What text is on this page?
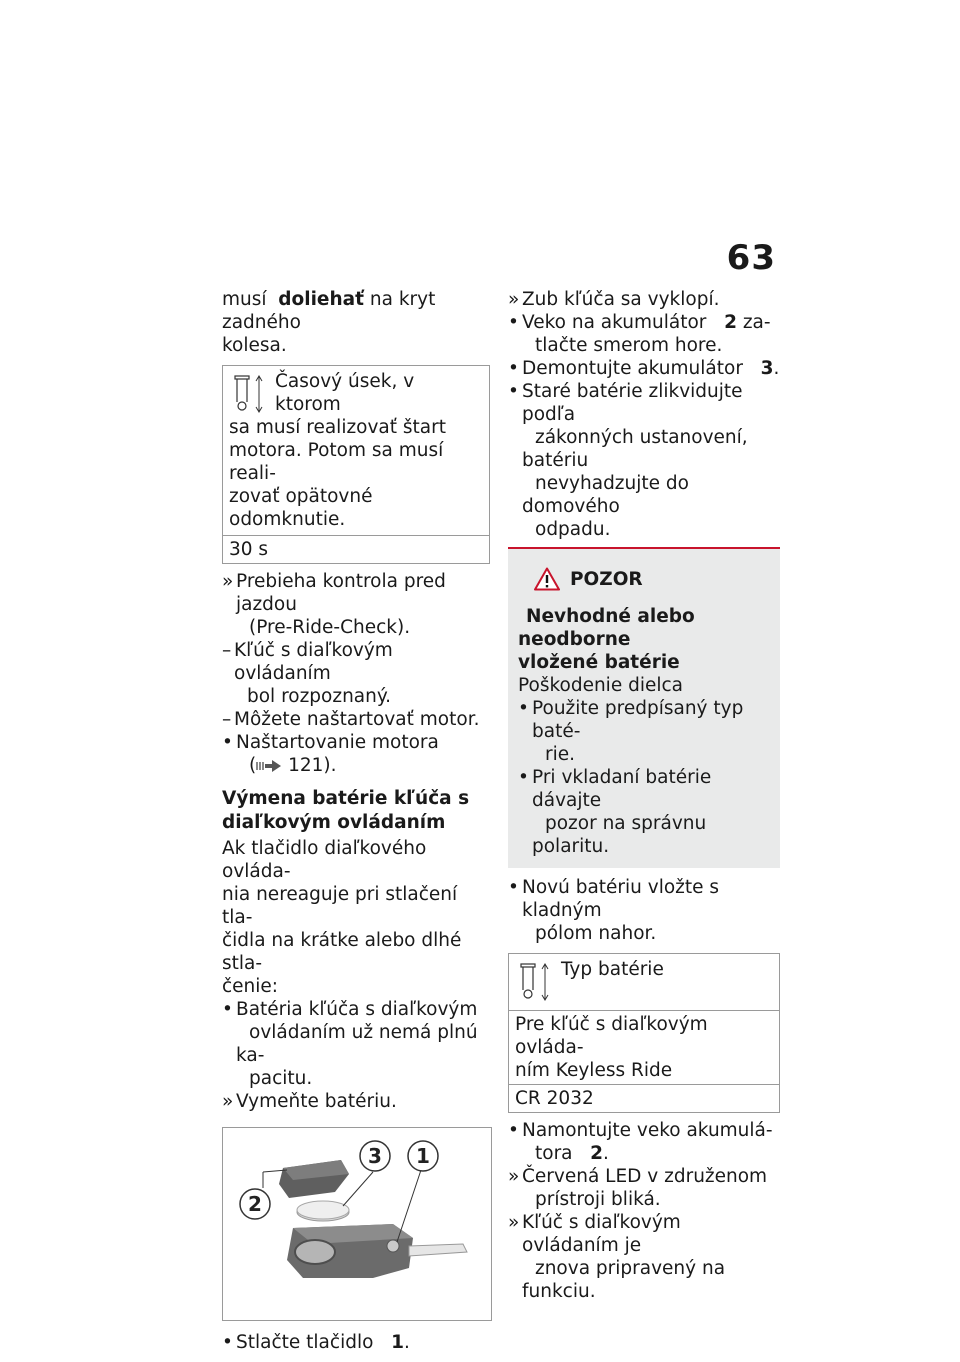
63

musí doliehať na kryt zadného
kolesa.

Časový úsek, v ktorom
sa musí realizovať štart
motora. Potom sa musí reali-
zovať opätovné odomknutie.
30 s
» Prebieha kontrola pred jazdou
(Pre-Ride-Check).
– Kľúč s diaľkovým ovládaním
bol rozpoznaný.
– Môžete naštartovať motor.
• Naštartovanie motora
( 121).
Výmena batérie kľúča s
diaľkovým ovládaním

Ak tlačidlo diaľkového ovláda-
nia nereaguje pri stlačení tla-
čidla na krátke alebo dlhé stla-
čenie:

• Batéria kľúča s diaľkovým
ovládaním už nemá plnú ka-
pacitu.
» Vymeňte batériu.
2
3 1
• Stlačte tlačidlo 1.
» Zub kľúča sa vyklopí.
• Veko na akumulátor 2 za-
tlačte smerom hore.
• Demontujte akumulátor 3.
• Staré batérie zlikvidujte podľa
zákonných ustanovení, batériu
nevyhadzujte do domového
odpadu.
POZOR
Nevhodné alebo neodborne
vložené batérie
Poškodenie dielca
• Použite predpísaný typ baté-
rie.
• Pri vkladaní batérie dávajte
pozor na správnu polaritu.
• Novú batériu vložte s kladným
pólom nahor.
Typ batérie
Pre kľúč s diaľkovým ovláda-
ním Keyless Ride
CR 2032
• Namontujte veko akumulá-
tora 2.
» Červená LED v združenom
prístroji bliká.
» Kľúč s diaľkovým ovládaním je
znova pripravený na funkciu.
